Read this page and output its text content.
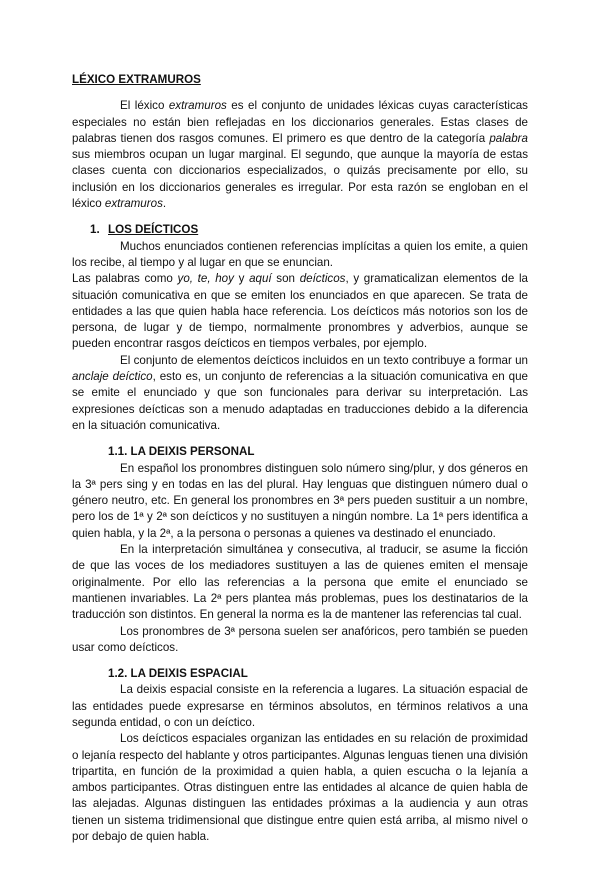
LÉXICO EXTRAMUROS

El léxico extramuros es el conjunto de unidades léxicas cuyas características especiales no están bien reflejadas en los diccionarios generales. Estas clases de palabras tienen dos rasgos comunes. El primero es que dentro de la categoría palabra sus miembros ocupan un lugar marginal. El segundo, que aunque la mayoría de estas clases cuenta con diccionarios especializados, o quizás precisamente por ello, su inclusión en los diccionarios generales es irregular. Por esta razón se engloban en el léxico extramuros.

1. LOS DEÍCTICOS

Muchos enunciados contienen referencias implícitas a quien los emite, a quien los recibe, al tiempo y al lugar en que se enuncian.

Las palabras como yo, te, hoy y aquí son deícticos, y gramaticalizan elementos de la situación comunicativa en que se emiten los enunciados en que aparecen. Se trata de entidades a las que quien habla hace referencia. Los deícticos más notorios son los de persona, de lugar y de tiempo, normalmente pronombres y adverbios, aunque se pueden encontrar rasgos deícticos en tiempos verbales, por ejemplo.

El conjunto de elementos deícticos incluidos en un texto contribuye a formar un anclaje deíctico, esto es, un conjunto de referencias a la situación comunicativa en que se emite el enunciado y que son funcionales para derivar su interpretación. Las expresiones deícticas son a menudo adaptadas en traducciones debido a la diferencia en la situación comunicativa.

1.1. LA DEIXIS PERSONAL

En español los pronombres distinguen solo número sing/plur, y dos géneros en la 3ª pers sing y en todas en las del plural. Hay lenguas que distinguen número dual o género neutro, etc. En general los pronombres en 3ª pers pueden sustituir a un nombre, pero los de 1ª y 2ª son deícticos y no sustituyen a ningún nombre. La 1ª pers identifica a quien habla, y la 2ª, a la persona o personas a quienes va destinado el enunciado.

En la interpretación simultánea y consecutiva, al traducir, se asume la ficción de que las voces de los mediadores sustituyen a las de quienes emiten el mensaje originalmente. Por ello las referencias a la persona que emite el enunciado se mantienen invariables. La 2ª pers plantea más problemas, pues los destinatarios de la traducción son distintos. En general la norma es la de mantener las referencias tal cual.

Los pronombres de 3ª persona suelen ser anafóricos, pero también se pueden usar como deícticos.

1.2. LA DEIXIS ESPACIAL

La deixis espacial consiste en la referencia a lugares. La situación espacial de las entidades puede expresarse en términos absolutos, en términos relativos a una segunda entidad, o con un deíctico.

Los deícticos espaciales organizan las entidades en su relación de proximidad o lejanía respecto del hablante y otros participantes. Algunas lenguas tienen una división tripartita, en función de la proximidad a quien habla, a quien escucha o la lejanía a ambos participantes. Otras distinguen entre las entidades al alcance de quien habla de las alejadas. Algunas distinguen las entidades próximas a la audiencia y aun otras tienen un sistema tridimensional que distingue entre quien está arriba, al mismo nivel o por debajo de quien habla.
